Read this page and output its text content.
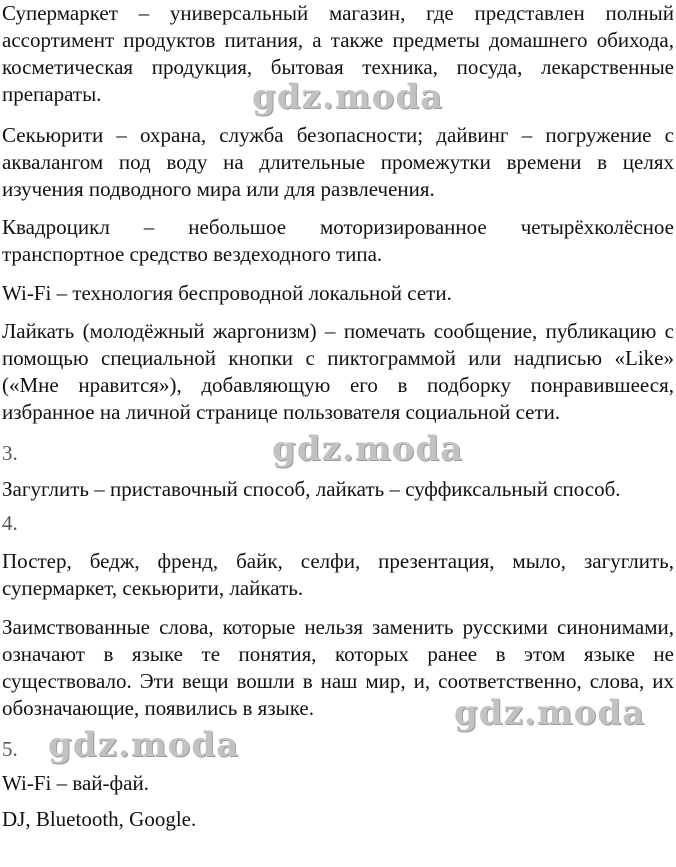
Супермаркет – универсальный магазин, где представлен полный ассортимент продуктов питания, а также предметы домашнего обихода, косметическая продукция, бытовая техника, посуда, лекарственные препараты.

Секьюрити – охрана, служба безопасности; дайвинг – погружение с аквалангом под воду на длительные промежутки времени в целях изучения подводного мира или для развлечения.

Квадроцикл – небольшое моторизированное четырёхколёсное транспортное средство вездеходного типа.

Wi-Fi – технология беспроводной локальной сети.

Лайкать (молодёжный жаргонизм) – помечать сообщение, публикацию с помощью специальной кнопки с пиктограммой или надписью «Like» («Мне нравится»), добавляющую его в подборку понравившееся, избранное на личной странице пользователя социальной сети.

3.

Загуглить – приставочный способ, лайкать – суффиксальный способ.

4.

Постер, бедж, френд, байк, селфи, презентация, мыло, загуглить, супермаркет, секьюрити, лайкать.

Заимствованные слова, которые нельзя заменить русскими синонимами, означают в языке те понятия, которых ранее в этом языке не существовало. Эти вещи вошли в наш мир, и, соответственно, слова, их обозначающие, появились в языке.

5.

Wi-Fi – вай-фай.

DJ, Bluetooth, Google.

gdz.moda
gdz.moda
gdz.moda
gdz.moda
